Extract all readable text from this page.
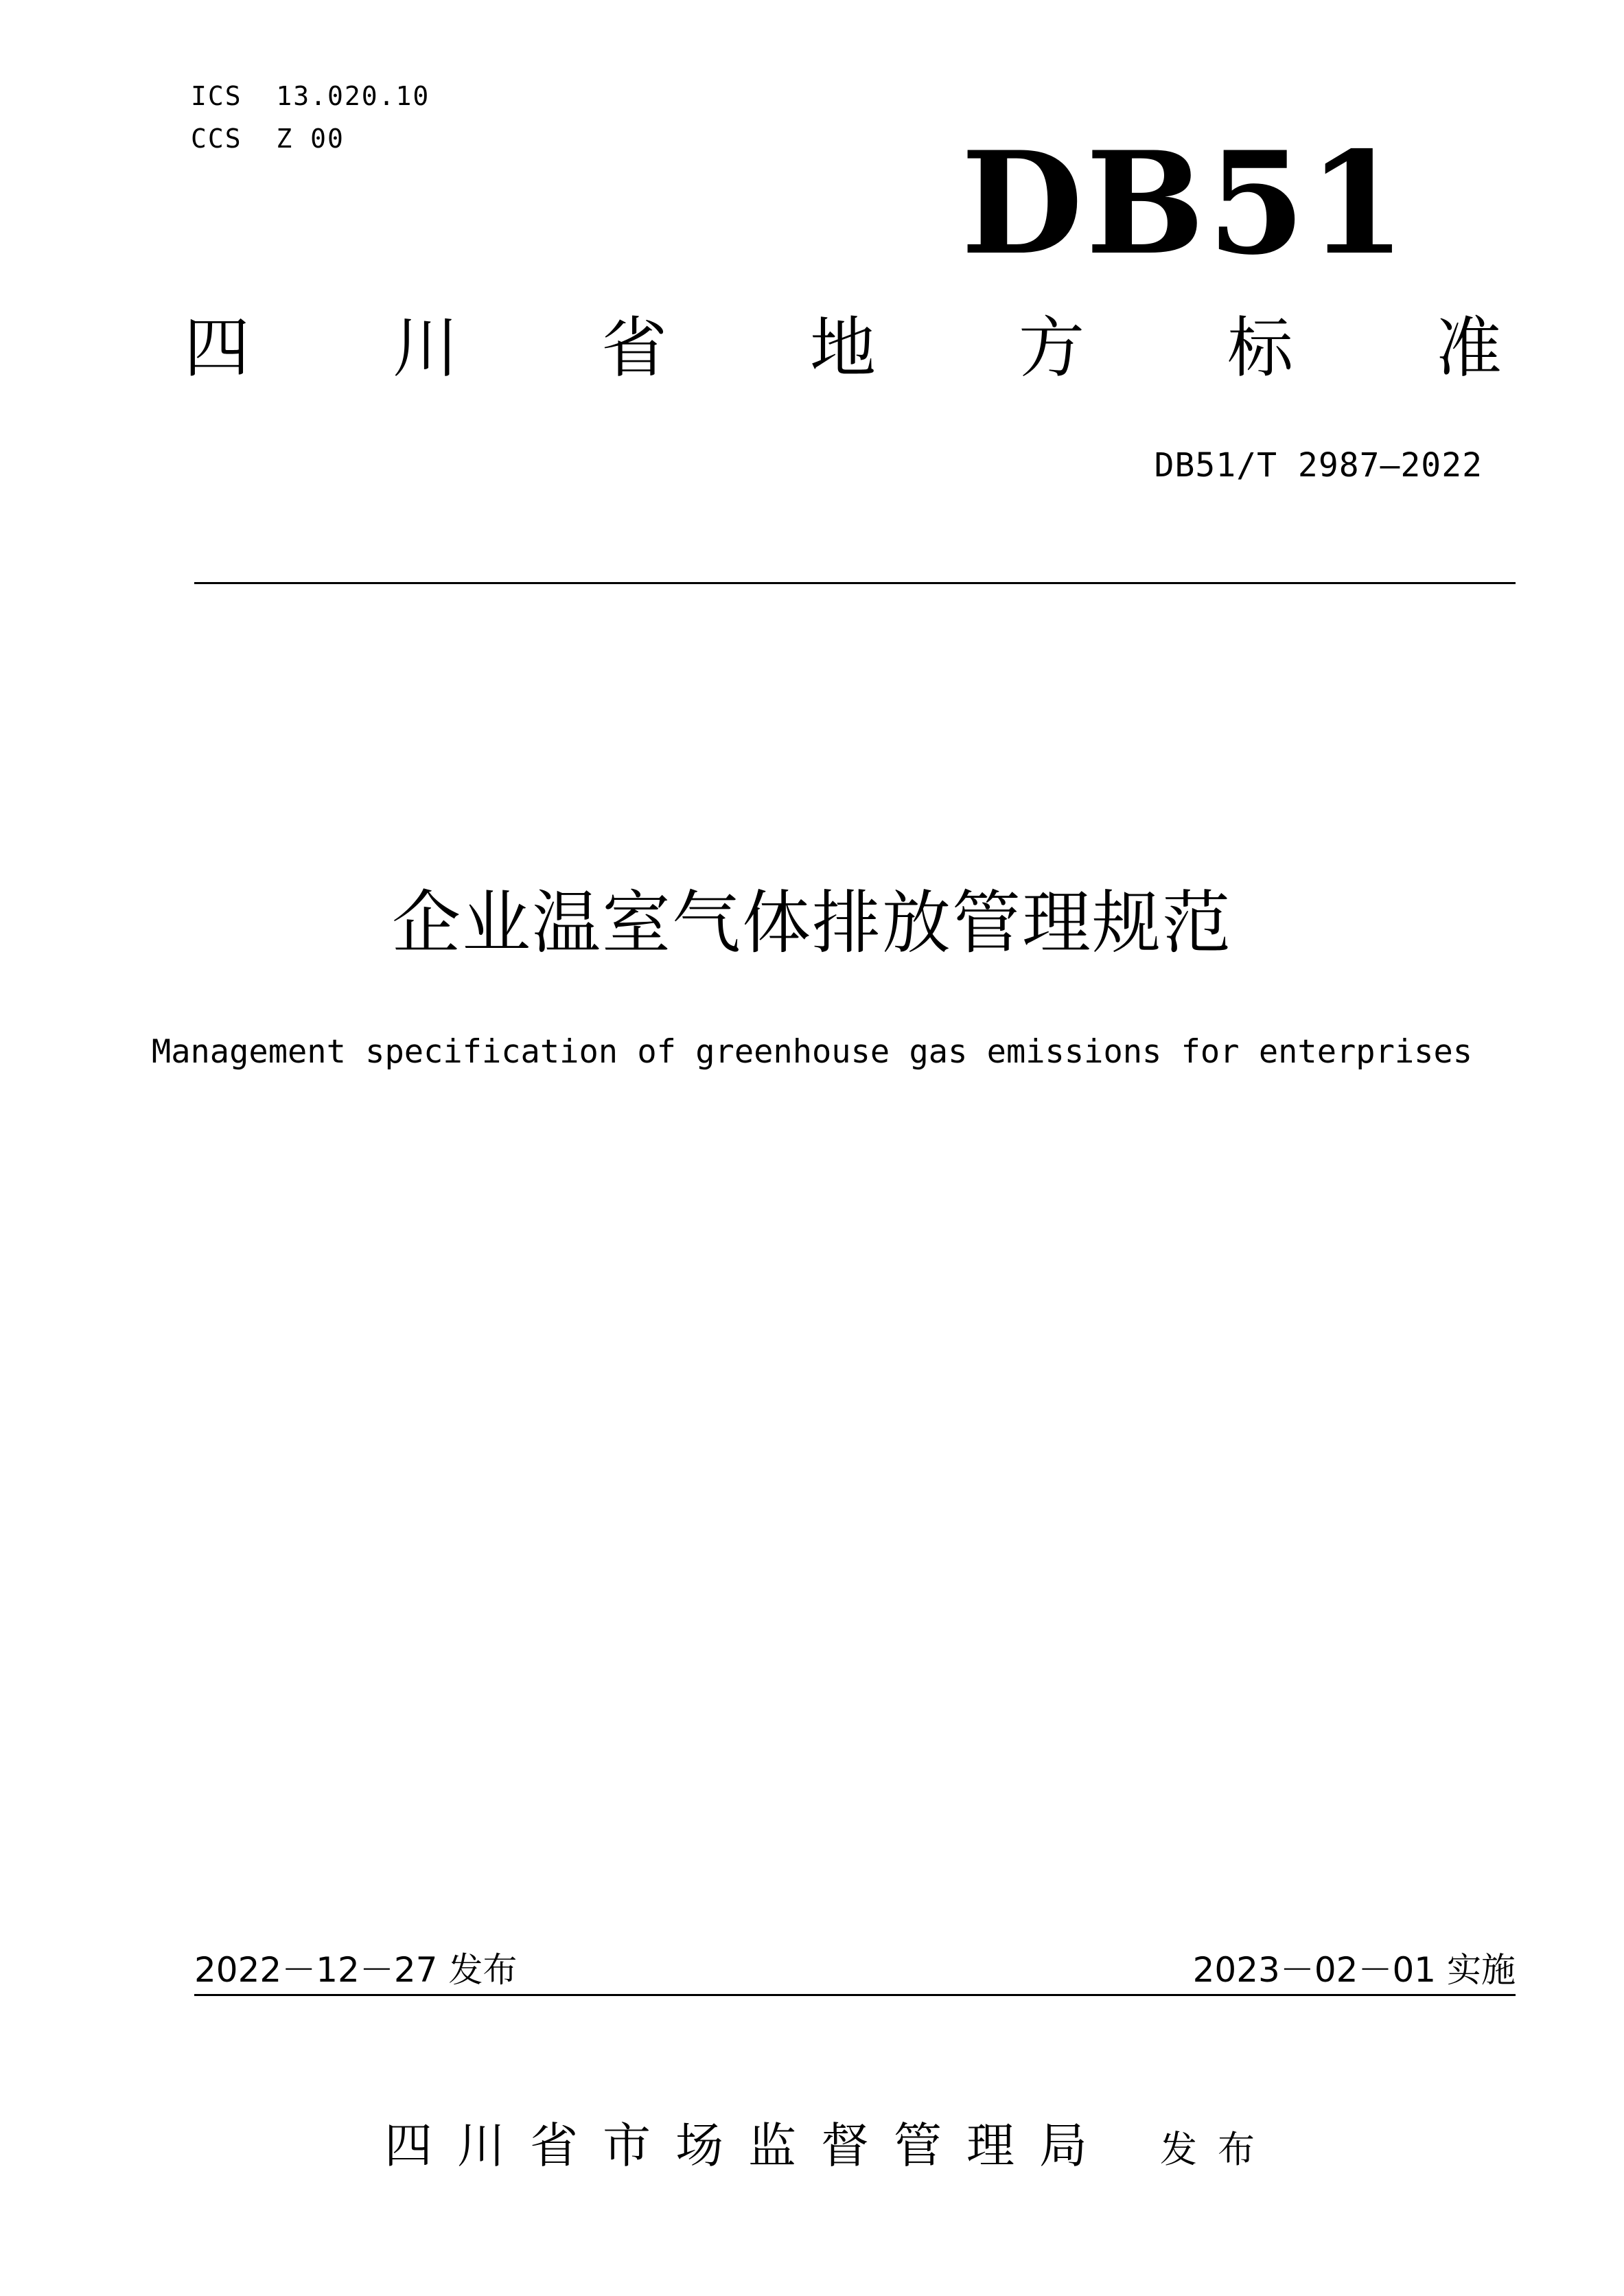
ICS  13.020.10
CCS  Z 00	DB51
四 川 省 地 方 标 准
DB51/T 2987—2022
企业温室气体排放管理规范
Management specification of greenhouse gas emissions for enterprises
2022－12－27 发布	2023－02－01 实施
四川省市场监督管理局 发布
